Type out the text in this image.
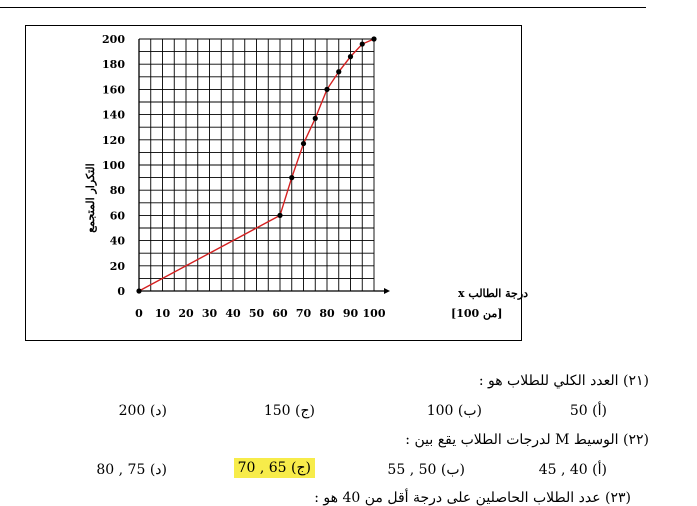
0 10 20 30 40 50 60 70 80 90 100
0
20
40
60
80
100
120
140
160
180
200
التكرار المتجمع
درجة الطالب x
[من 100]
(٢١) العدد الكلي للطلاب هو :
(أ) 50
(ب) 100
(ج) 150
(د) 200
(٢٢) الوسيط M لدرجات الطلاب يقع بين :
(أ) 40 , 45
(ب) 50 , 55
(ج) 65 , 70
(د) 75 , 80
(٢٣) عدد الطلاب الحاصلين على درجة أقل من 40 هو :
